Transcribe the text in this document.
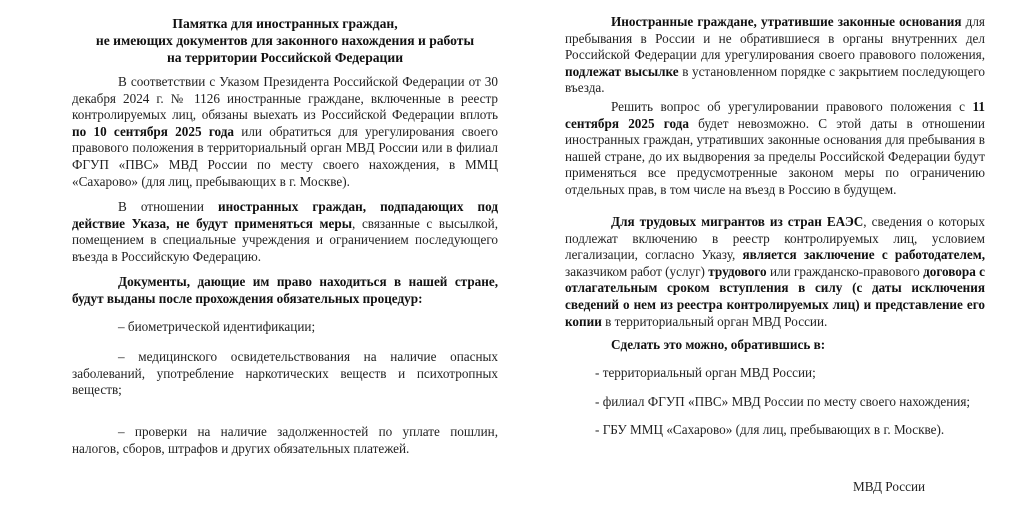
Памятка для иностранных граждан,
не имеющих документов для законного нахождения и работы
на территории Российской Федерации

В соответствии с Указом Президента Российской Федерации от 30 декабря 2024 г. № 1126 иностранные граждане, включенные в реестр контролируемых лиц, обязаны выехать из Российской Федерации вплоть по 10 сентября 2025 года или обратиться для урегулирования своего правового положения в территориальный орган МВД России или в филиал ФГУП «ПВС» МВД России по месту своего нахождения, в ММЦ «Сахарово» (для лиц, пребывающих в г. Москве).

В отношении иностранных граждан, подпадающих под действие Указа, не будут применяться меры, связанные с высылкой, помещением в специальные учреждения и ограничением последующего въезда в Российскую Федерацию.

Документы, дающие им право находиться в нашей стране, будут выданы после прохождения обязательных процедур:

– биометрической идентификации;

– медицинского освидетельствования на наличие опасных заболеваний, употребление наркотических веществ и психотропных веществ;

– проверки на наличие задолженностей по уплате пошлин, налогов, сборов, штрафов и других обязательных платежей.

Иностранные граждане, утратившие законные основания для пребывания в России и не обратившиеся в органы внутренних дел Российской Федерации для урегулирования своего правового положения, подлежат высылке в установленном порядке с закрытием последующего въезда.

Решить вопрос об урегулировании правового положения с 11 сентября 2025 года будет невозможно. С этой даты в отношении иностранных граждан, утративших законные основания для пребывания в нашей стране, до их выдворения за пределы Российской Федерации будут применяться все предусмотренные законом меры по ограничению отдельных прав, в том числе на въезд в Россию в будущем.

Для трудовых мигрантов из стран ЕАЭС, сведения о которых подлежат включению в реестр контролируемых лиц, условием легализации, согласно Указу, является заключение с работодателем, заказчиком работ (услуг) трудового или гражданско-правового договора с отлагательным сроком вступления в силу (с даты исключения сведений о нем из реестра контролируемых лиц) и представление его копии в территориальный орган МВД России.

Сделать это можно, обратившись в:

- территориальный орган МВД России;

- филиал ФГУП «ПВС» МВД России по месту своего нахождения;

- ГБУ ММЦ «Сахарово» (для лиц, пребывающих в г. Москве).

МВД России
